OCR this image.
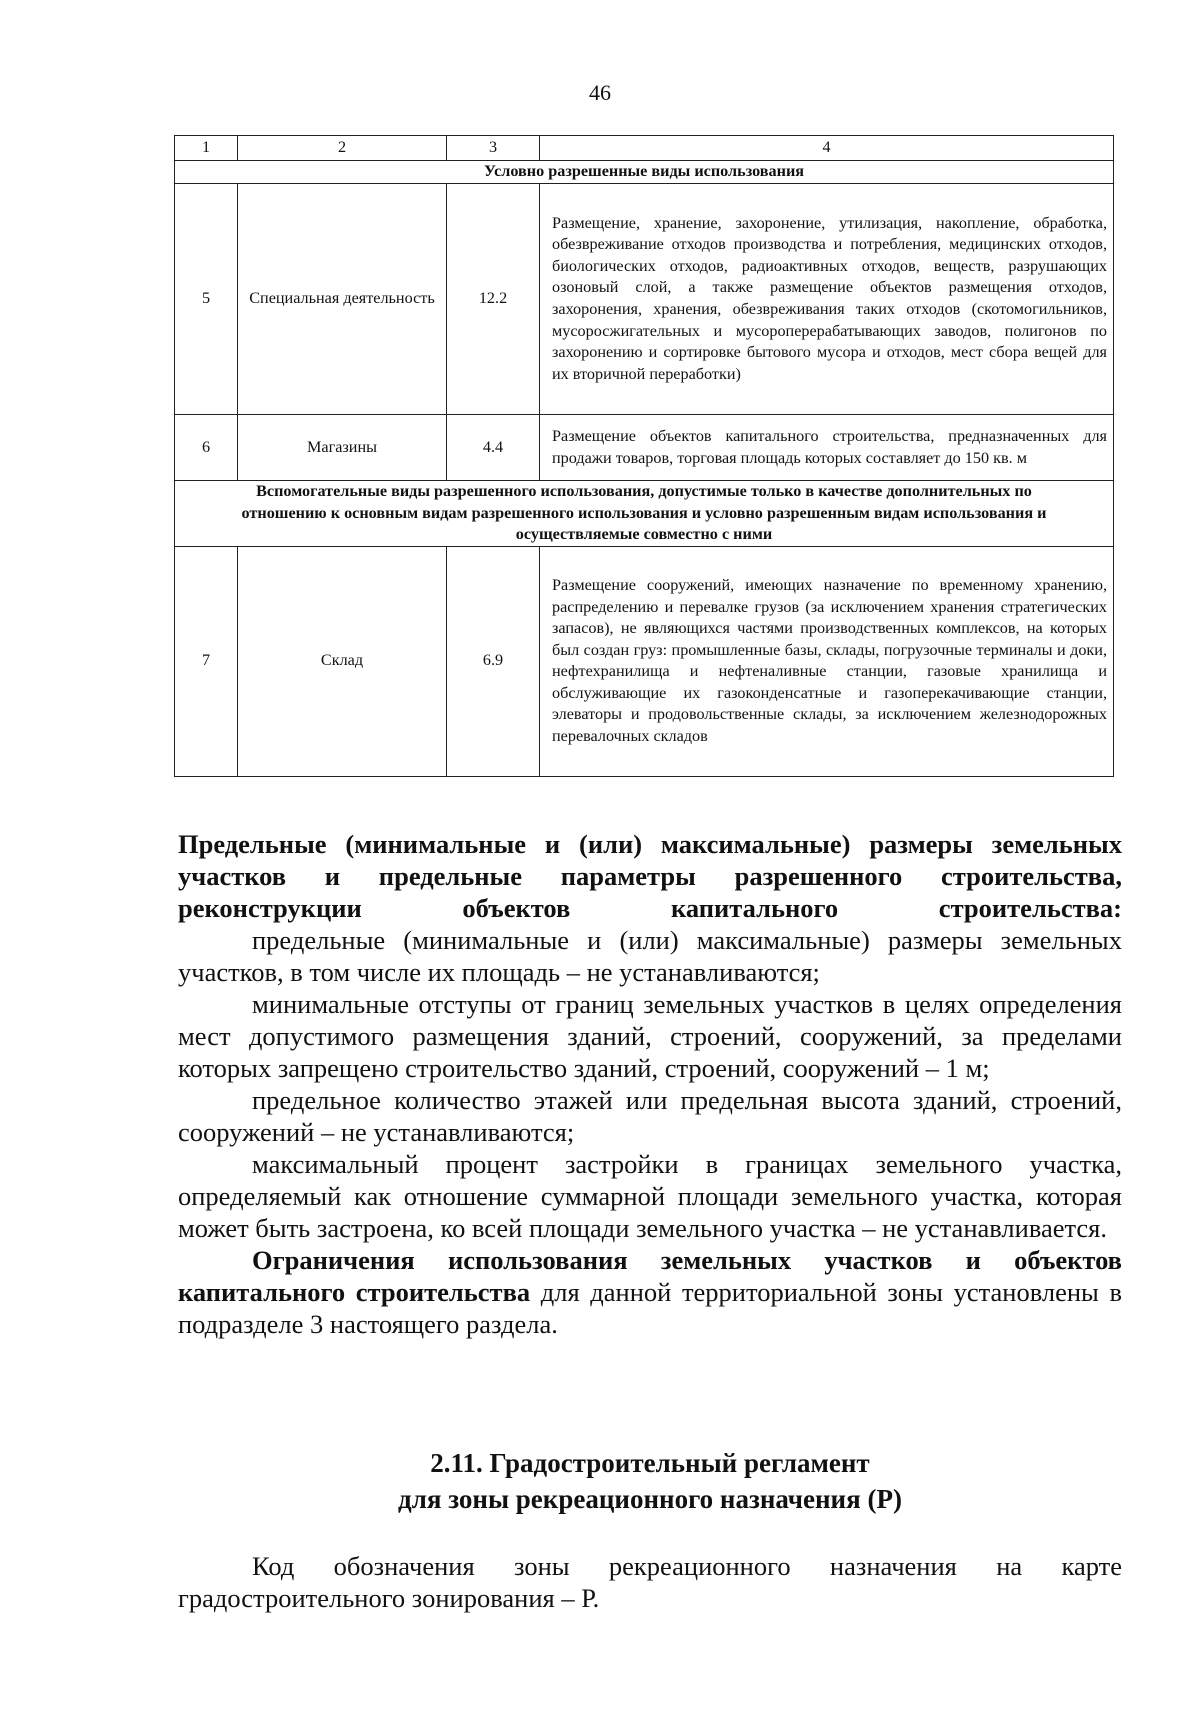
46
1	2	3	4
Условно разрешенные виды использования			
5	Специальная деятельность	12.2	Размещение, хранение, захоронение, утилизация, накопление, обработка, обезвреживание отходов производства и потребления, медицинских отходов, биологических отходов, радиоактивных отходов, веществ, разрушающих озоновый слой, а также размещение объектов размещения отходов, захоронения, хранения, обезвреживания таких отходов (скотомогильников, мусоросжигательных и мусороперерабатывающих заводов, полигонов по захоронению и сортировке бытового мусора и отходов, мест сбора вещей для их вторичной переработки)
6	Магазины	4.4	Размещение объектов капитального строительства, предназначенных для продажи товаров, торговая площадь которых составляет до 150 кв. м
Вспомогательные виды разрешенного использования, допустимые только в качестве дополнительных по отношению к основным видам разрешенного использования и условно разрешенным видам использования и осуществляемые совместно с ними			
7	Склад	6.9	Размещение сооружений, имеющих назначение по временному хранению, распределению и перевалке грузов (за исключением хранения стратегических запасов), не являющихся частями производственных комплексов, на которых был создан груз: промышленные базы, склады, погрузочные терминалы и доки, нефтехранилища и нефтеналивные станции, газовые хранилища и обслуживающие их газоконденсатные и газоперекачивающие станции, элеваторы и продовольственные склады, за исключением железнодорожных перевалочных складов
Предельные (минимальные и (или) максимальные) размеры земельных участков и предельные параметры разрешенного строительства, реконструкции объектов капитального строительства:

предельные (минимальные и (или) максимальные) размеры земельных участков, в том числе их площадь – не устанавливаются;

минимальные отступы от границ земельных участков в целях определения мест допустимого размещения зданий, строений, сооружений, за пределами которых запрещено строительство зданий, строений, сооружений – 1 м;

предельное количество этажей или предельная высота зданий, строений, сооружений – не устанавливаются;

максимальный процент застройки в границах земельного участка, определяемый как отношение суммарной площади земельного участка, которая может быть застроена, ко всей площади земельного участка – не устанавливается.

Ограничения использования земельных участков и объектов капитального строительства для данной территориальной зоны установлены в подразделе 3 настоящего раздела.

2.11. Градостроительный регламент
для зоны рекреационного назначения (Р)

Код обозначения зоны рекреационного назначения на карте градостроительного зонирования – Р.
